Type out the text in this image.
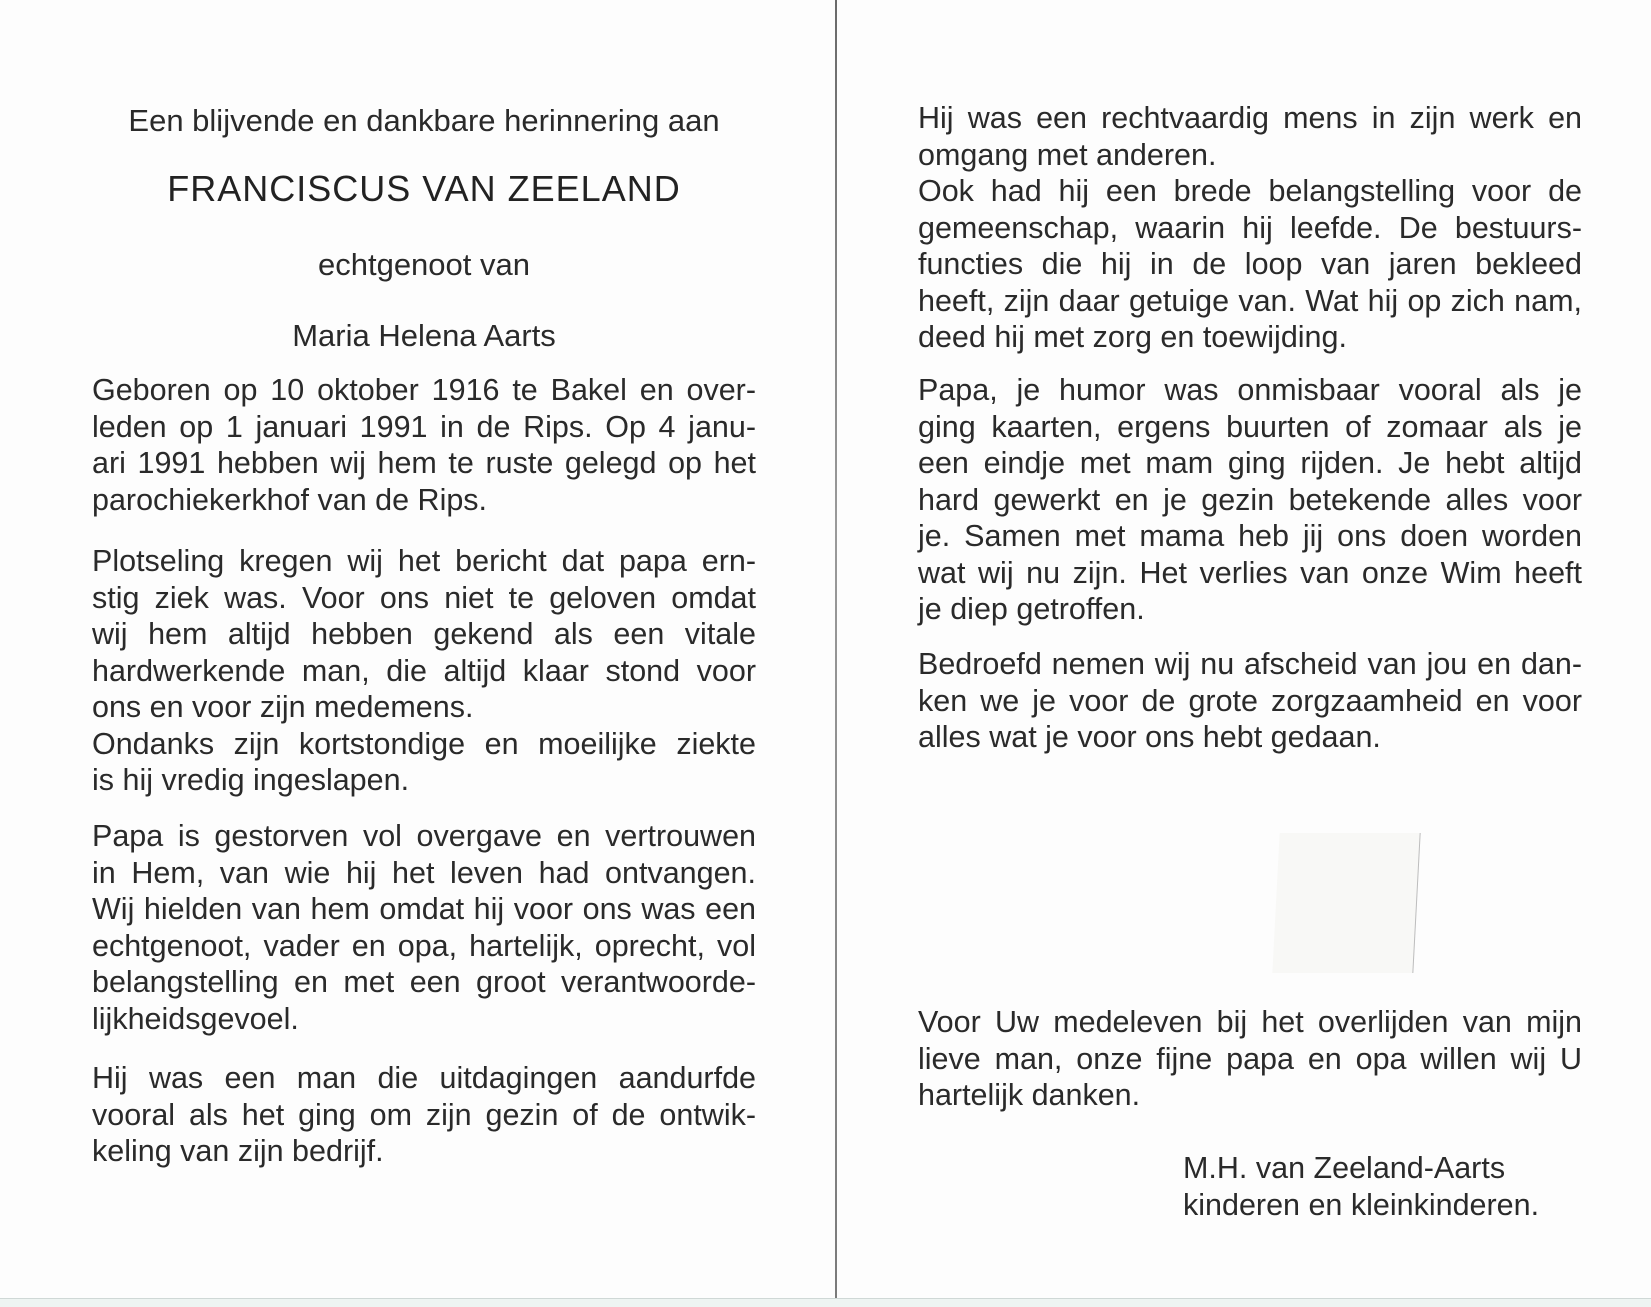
Een blijvende en dankbare herinnering aan
FRANCISCUS VAN ZEELAND
echtgenoot van
Maria Helena Aarts
Geboren op 10 oktober 1916 te Bakel en over-
leden op 1 januari 1991 in de Rips. Op 4 janu-
ari 1991 hebben wij hem te ruste gelegd op het
parochiekerkhof van de Rips.
Plotseling kregen wij het bericht dat papa ern-
stig ziek was. Voor ons niet te geloven omdat
wij hem altijd hebben gekend als een vitale
hardwerkende man, die altijd klaar stond voor
ons en voor zijn medemens.
Ondanks zijn kortstondige en moeilijke ziekte
is hij vredig ingeslapen.
Papa is gestorven vol overgave en vertrouwen
in Hem, van wie hij het leven had ontvangen.
Wij hielden van hem omdat hij voor ons was een
echtgenoot, vader en opa, hartelijk, oprecht, vol
belangstelling en met een groot verantwoorde-
lijkheidsgevoel.
Hij was een man die uitdagingen aandurfde
vooral als het ging om zijn gezin of de ontwik-
keling van zijn bedrijf.
Hij was een rechtvaardig mens in zijn werk en
omgang met anderen.
Ook had hij een brede belangstelling voor de
gemeenschap, waarin hij leefde. De bestuurs-
functies die hij in de loop van jaren bekleed
heeft, zijn daar getuige van. Wat hij op zich nam,
deed hij met zorg en toewijding.
Papa, je humor was onmisbaar vooral als je
ging kaarten, ergens buurten of zomaar als je
een eindje met mam ging rijden. Je hebt altijd
hard gewerkt en je gezin betekende alles voor
je. Samen met mama heb jij ons doen worden
wat wij nu zijn. Het verlies van onze Wim heeft
je diep getroffen.
Bedroefd nemen wij nu afscheid van jou en dan-
ken we je voor de grote zorgzaamheid en voor
alles wat je voor ons hebt gedaan.
Voor Uw medeleven bij het overlijden van mijn
lieve man, onze fijne papa en opa willen wij U
hartelijk danken.
M.H. van Zeeland-Aarts
kinderen en kleinkinderen.
